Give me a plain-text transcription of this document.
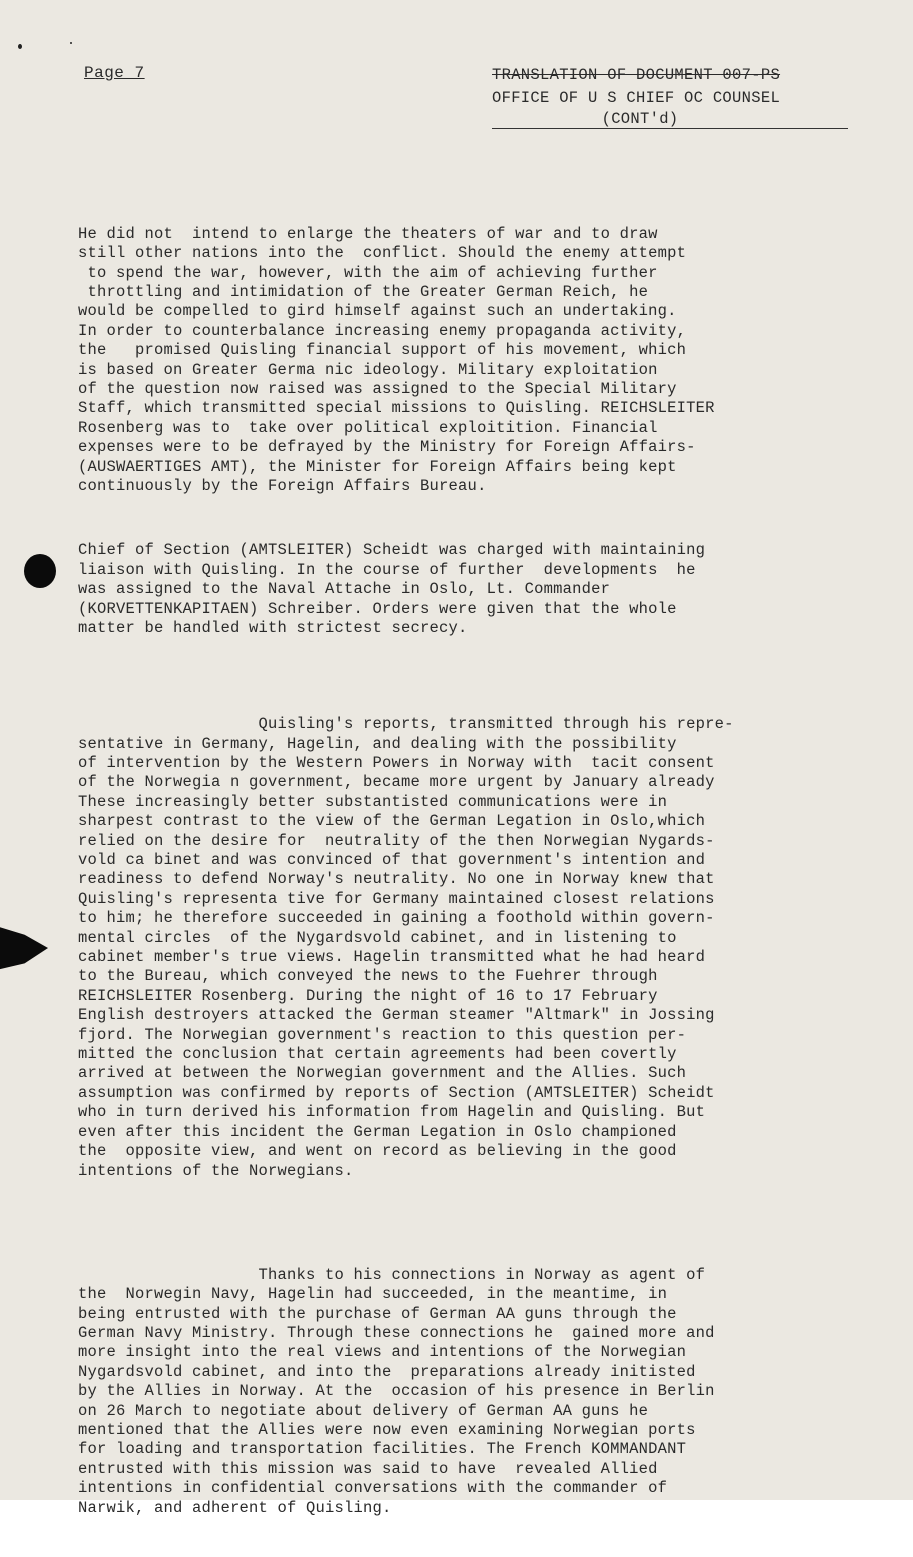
Page 7	TRANSLATION OF DOCUMENT 007-PS
OFFICE OF U S CHIEF OC COUNSEL
(CONT'd)

He did not  intend to enlarge the theaters of war and to draw
still other nations into the  conflict. Should the enemy attempt
to spend the war, however, with the aim of achieving further
throttling and intimidation of the Greater German Reich, he
would be compelled to gird himself against such an undertaking.
In order to counterbalance increasing enemy propaganda activity,
the   promised Quisling financial support of his movement, which
is based on Greater Germa nic ideology. Military exploitation
of the question now raised was assigned to the Special Military
Staff, which transmitted special missions to Quisling. REICHSLEITER
Rosenberg was to  take over political exploitition. Financial
expenses were to be defrayed by the Ministry for Foreign Affairs-
(AUSWAERTIGES AMT), the Minister for Foreign Affairs being kept
continuously by the Foreign Affairs Bureau.

Chief of Section (AMTSLEITER) Scheidt was charged with maintaining
liaison with Quisling. In the course of further  developments  he
was assigned to the Naval Attache in Oslo, Lt. Commander
(KORVETTENKAPITAEN) Schreiber. Orders were given that the whole
matter be handled with strictest secrecy.

Quisling's reports, transmitted through his repre-
sentative in Germany, Hagelin, and dealing with the possibility
of intervention by the Western Powers in Norway with  tacit consent
of the Norwegia n government, became more urgent by January already
These increasingly better substantisted communications were in
sharpest contrast to the view of the German Legation in Oslo,which
relied on the desire for  neutrality of the then Norwegian Nygards-
vold ca binet and was convinced of that government's intention and
readiness to defend Norway's neutrality. No one in Norway knew that
Quisling's representa tive for Germany maintained closest relations
to him; he therefore succeeded in gaining a foothold within govern-
mental circles  of the Nygardsvold cabinet, and in listening to
cabinet member's true views. Hagelin transmitted what he had heard
to the Bureau, which conveyed the news to the Fuehrer through
REICHSLEITER Rosenberg. During the night of 16 to 17 February
English destroyers attacked the German steamer "Altmark" in Jossing
fjord. The Norwegian government's reaction to this question per-
mitted the conclusion that certain agreements had been covertly
arrived at between the Norwegian government and the Allies. Such
assumption was confirmed by reports of Section (AMTSLEITER) Scheidt
who in turn derived his information from Hagelin and Quisling. But
even after this incident the German Legation in Oslo championed
the  opposite view, and went on record as believing in the good
intentions of the Norwegians.

Thanks to his connections in Norway as agent of
the  Norwegin Navy, Hagelin had succeeded, in the meantime, in
being entrusted with the purchase of German AA guns through the
German Navy Ministry. Through these connections he  gained more and
more insight into the real views and intentions of the Norwegian
Nygardsvold cabinet, and into the  preparations already initisted
by the Allies in Norway. At the  occasion of his presence in Berlin
on 26 March to negotiate about delivery of German AA guns he
mentioned that the Allies were now even examining Norwegian ports
for loading and transportation facilities. The French KOMMANDANT
entrusted with this mission was said to have  revealed Allied
intentions in confidential conversations with the commander of
Narwik, and adherent of Quisling.
